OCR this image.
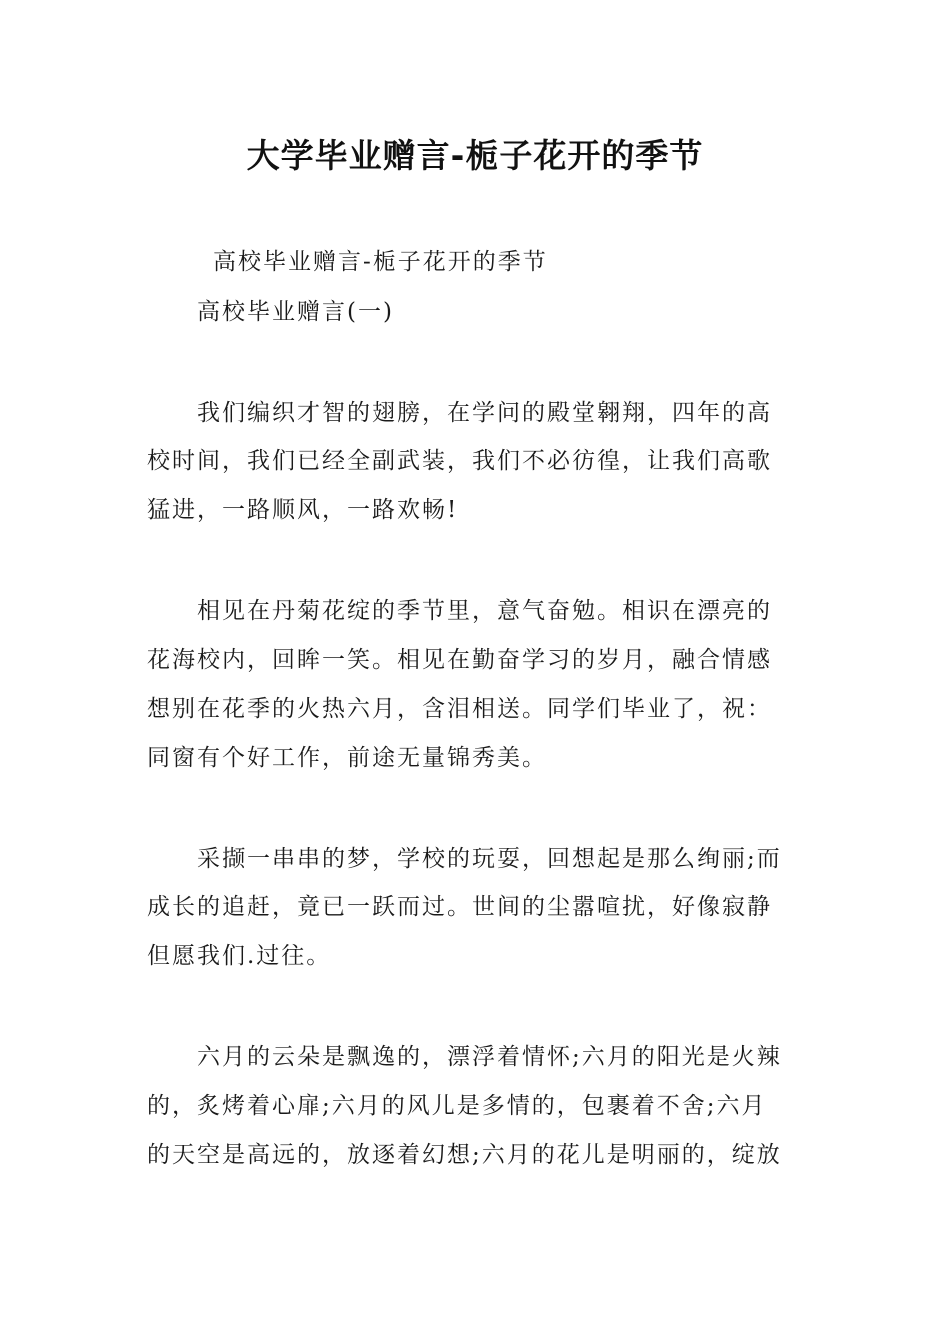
大学毕业赠言-栀子花开的季节
高校毕业赠言-栀子花开的季节
高校毕业赠言(一)
我们编织才智的翅膀，在学问的殿堂翱翔，四年的高
校时间，我们已经全副武装，我们不必彷徨，让我们高歌
猛进，一路顺风，一路欢畅!
相见在丹菊花绽的季节里，意气奋勉。相识在漂亮的
花海校内，回眸一笑。相见在勤奋学习的岁月，融合情感
想别在花季的火热六月，含泪相送。同学们毕业了，祝：
同窗有个好工作，前途无量锦秀美。
采撷一串串的梦，学校的玩耍，回想起是那么绚丽;而
成长的追赶，竟已一跃而过。世间的尘嚣喧扰，好像寂静
但愿我们.过往。
六月的云朵是飘逸的，漂浮着情怀;六月的阳光是火辣
的，炙烤着心扉;六月的风儿是多情的，包裹着不舍;六月
的天空是高远的，放逐着幻想;六月的花儿是明丽的，绽放
